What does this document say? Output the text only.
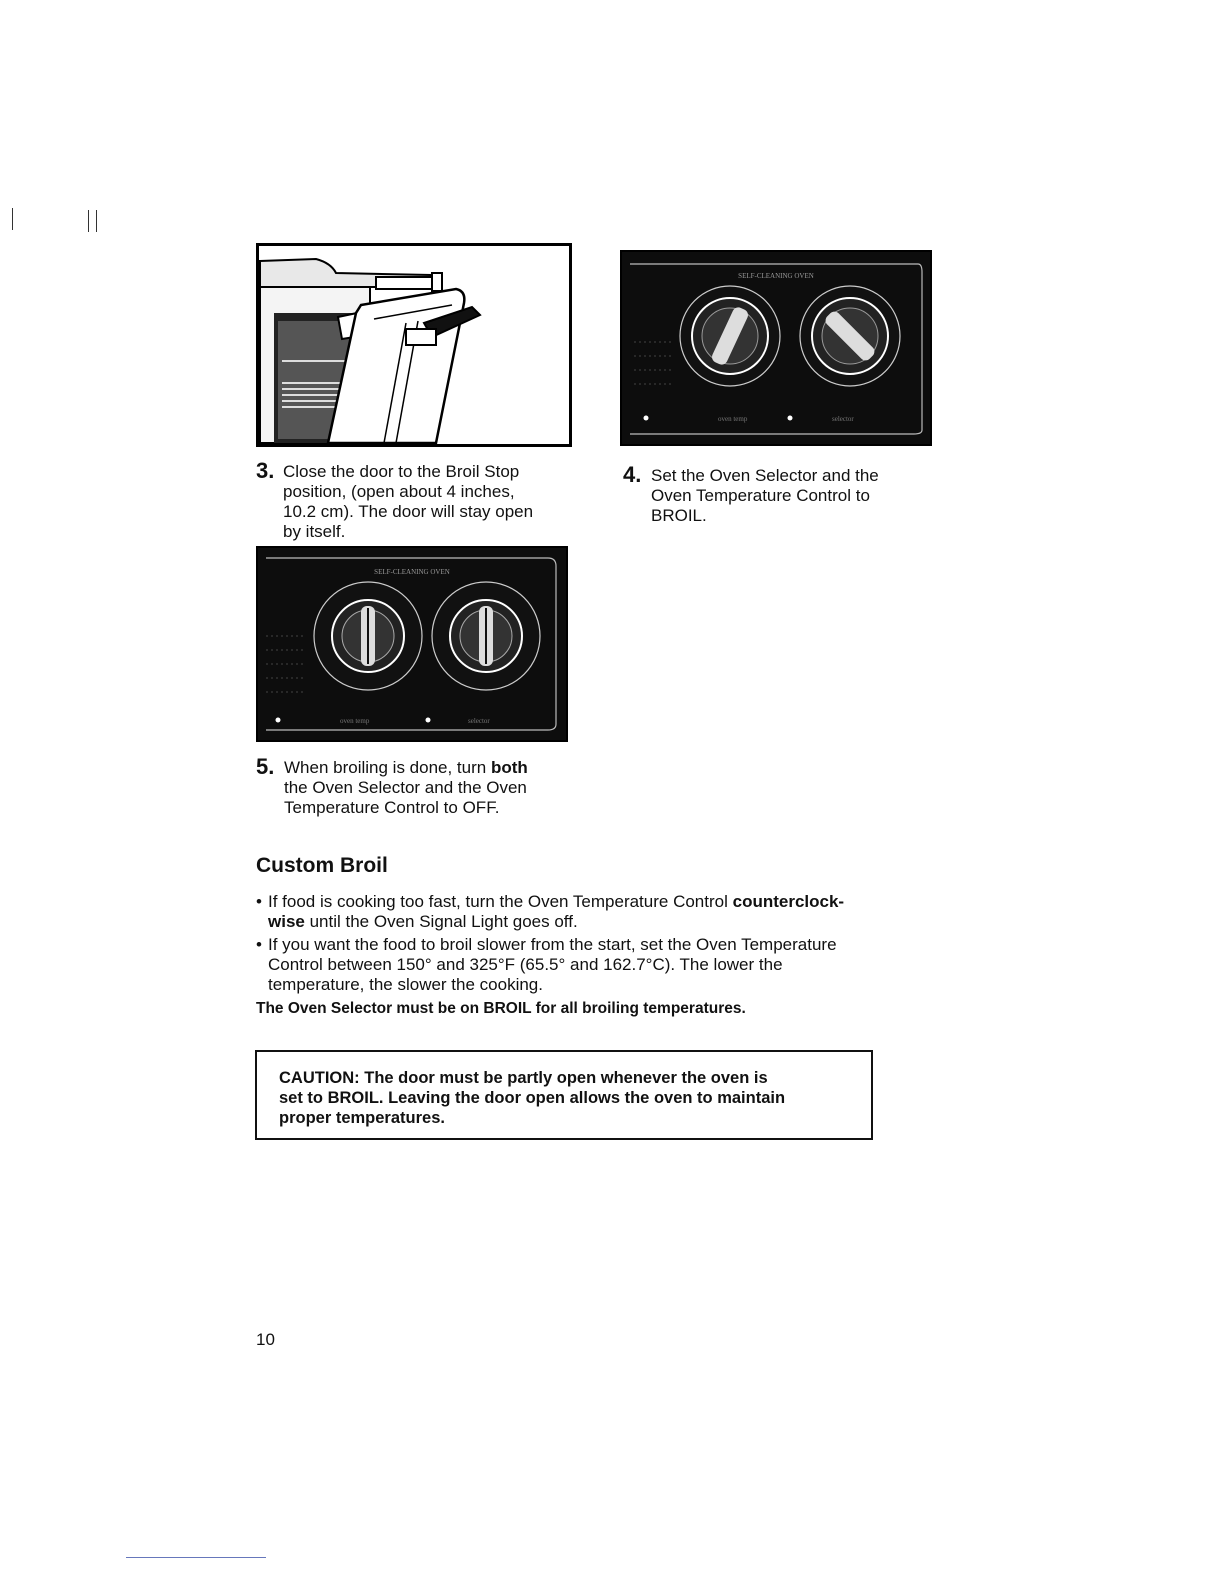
3. Close the door to the Broil Stop
position, (open about 4 inches,
10.2 cm). The door will stay open
by itself.
SELF-CLEANING OVEN
oven temp	selector
4. Set the Oven Selector and the
Oven Temperature Control to
BROIL.
SELF-CLEANING OVEN
oven temp	selector
5. When broiling is done, turn both
the Oven Selector and the Oven
Temperature Control to OFF.
Custom Broil
• If food is cooking too fast, turn the Oven Temperature Control counterclock-
wise until the Oven Signal Light goes off.
• If you want the food to broil slower from the start, set the Oven Temperature Control between 150° and 325°F (65.5° and 162.7°C). The lower the temperature, the slower the cooking.
The Oven Selector must be on BROIL for all broiling temperatures.
CAUTION: The door must be partly open whenever the oven is
set to BROIL. Leaving the door open allows the oven to maintain
proper temperatures.
10
